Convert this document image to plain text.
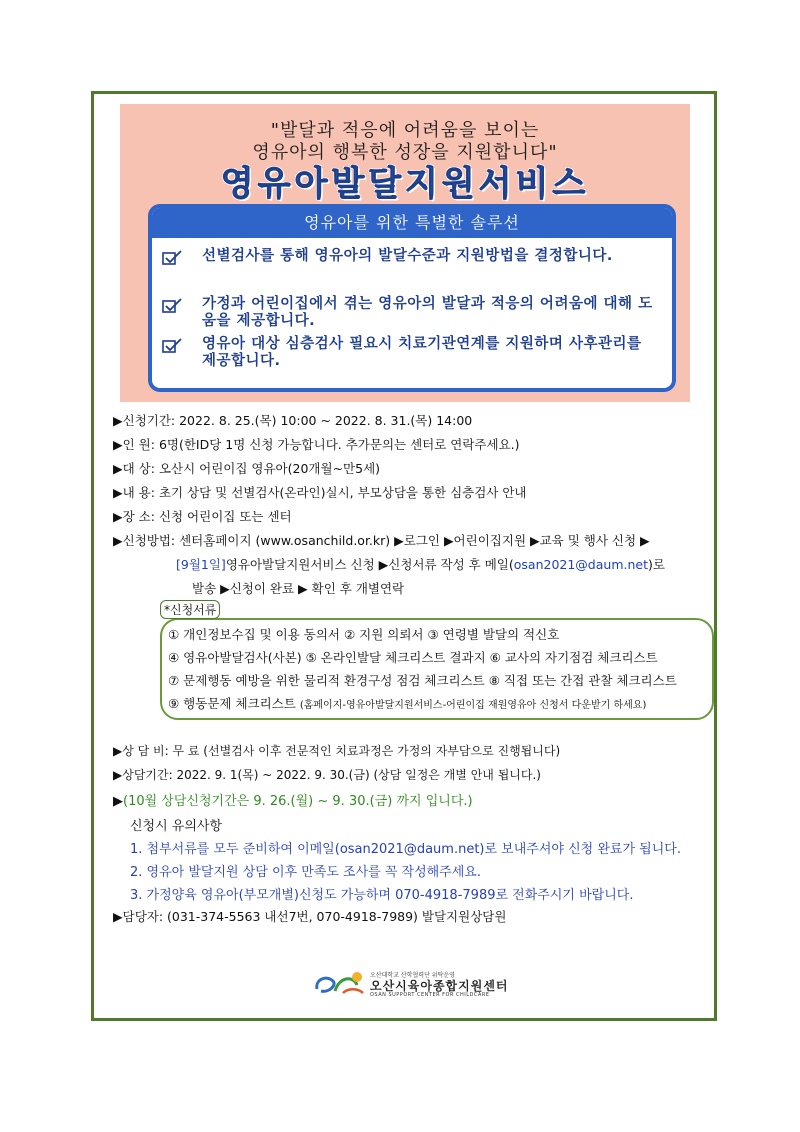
"발달과 적응에 어려움을 보이는
영유아의 행복한 성장을 지원합니다"
영유아발달지원서비스
영유아를 위한 특별한 솔루션
선별검사를 통해 영유아의 발달수준과 지원방법을 결정합니다.
가정과 어린이집에서 겪는 영유아의 발달과 적응의 어려움에 대해 도움을 제공합니다.
영유아 대상 심층검사 필요시 치료기관연계를 지원하며 사후관리를 제공합니다.
▶신청기간: 2022. 8. 25.(목) 10:00 ~ 2022. 8. 31.(목) 14:00
▶인 원: 6명(한ID당 1명 신청 가능합니다. 추가문의는 센터로 연락주세요.)
▶대 상: 오산시 어린이집 영유아(20개월~만5세)
▶내 용: 초기 상담 및 선별검사(온라인)실시, 부모상담을 통한 심층검사 안내
▶장 소: 신청 어린이집 또는 센터
▶신청방법: 센터홈페이지 (www.osanchild.or.kr) ▶로그인 ▶어린이집지원 ▶교육 및 행사 신청 ▶
[9월1일]영유아발달지원서비스 신청 ▶신청서류 작성 후 메일(osan2021@daum.net)로
발송 ▶신청이 완료 ▶ 확인 후 개별연락
*신청서류
① 개인정보수집 및 이용 동의서 ② 지원 의뢰서 ③ 연령별 발달의 적신호
④ 영유아발달검사(사본) ⑤ 온라인발달 체크리스트 결과지 ⑥ 교사의 자기점검 체크리스트
⑦ 문제행동 예방을 위한 물리적 환경구성 점검 체크리스트 ⑧ 직접 또는 간접 관찰 체크리스트
⑨ 행동문제 체크리스트 (홈페이지-영유아발달지원서비스-어린이집 재원영유아 신청서 다운받기 하세요)
▶상 담 비: 무 료 (선별검사 이후 전문적인 치료과정은 가정의 자부담으로 진행됩니다)
▶상담기간: 2022. 9. 1(목) ~ 2022. 9. 30.(금) (상담 일정은 개별 안내 됩니다.)
▶(10월 상담신청기간은 9. 26.(월) ~ 9. 30.(금) 까지 입니다.)
신청시 유의사항
1. 첨부서류를 모두 준비하여 이메일(osan2021@daum.net)로 보내주셔야 신청 완료가 됩니다.
2. 영유아 발달지원 상담 이후 만족도 조사를 꼭 작성해주세요.
3. 가정양육 영유아(부모개별)신청도 가능하며 070-4918-7989로 전화주시기 바랍니다.
▶담당자: (031-374-5563 내선7번, 070-4918-7989) 발달지원상담원
오산대학교 산학협력단 위탁운영
오산시육아종합지원센터
OSAN SUPPORT CENTER FOR CHILDCARE
